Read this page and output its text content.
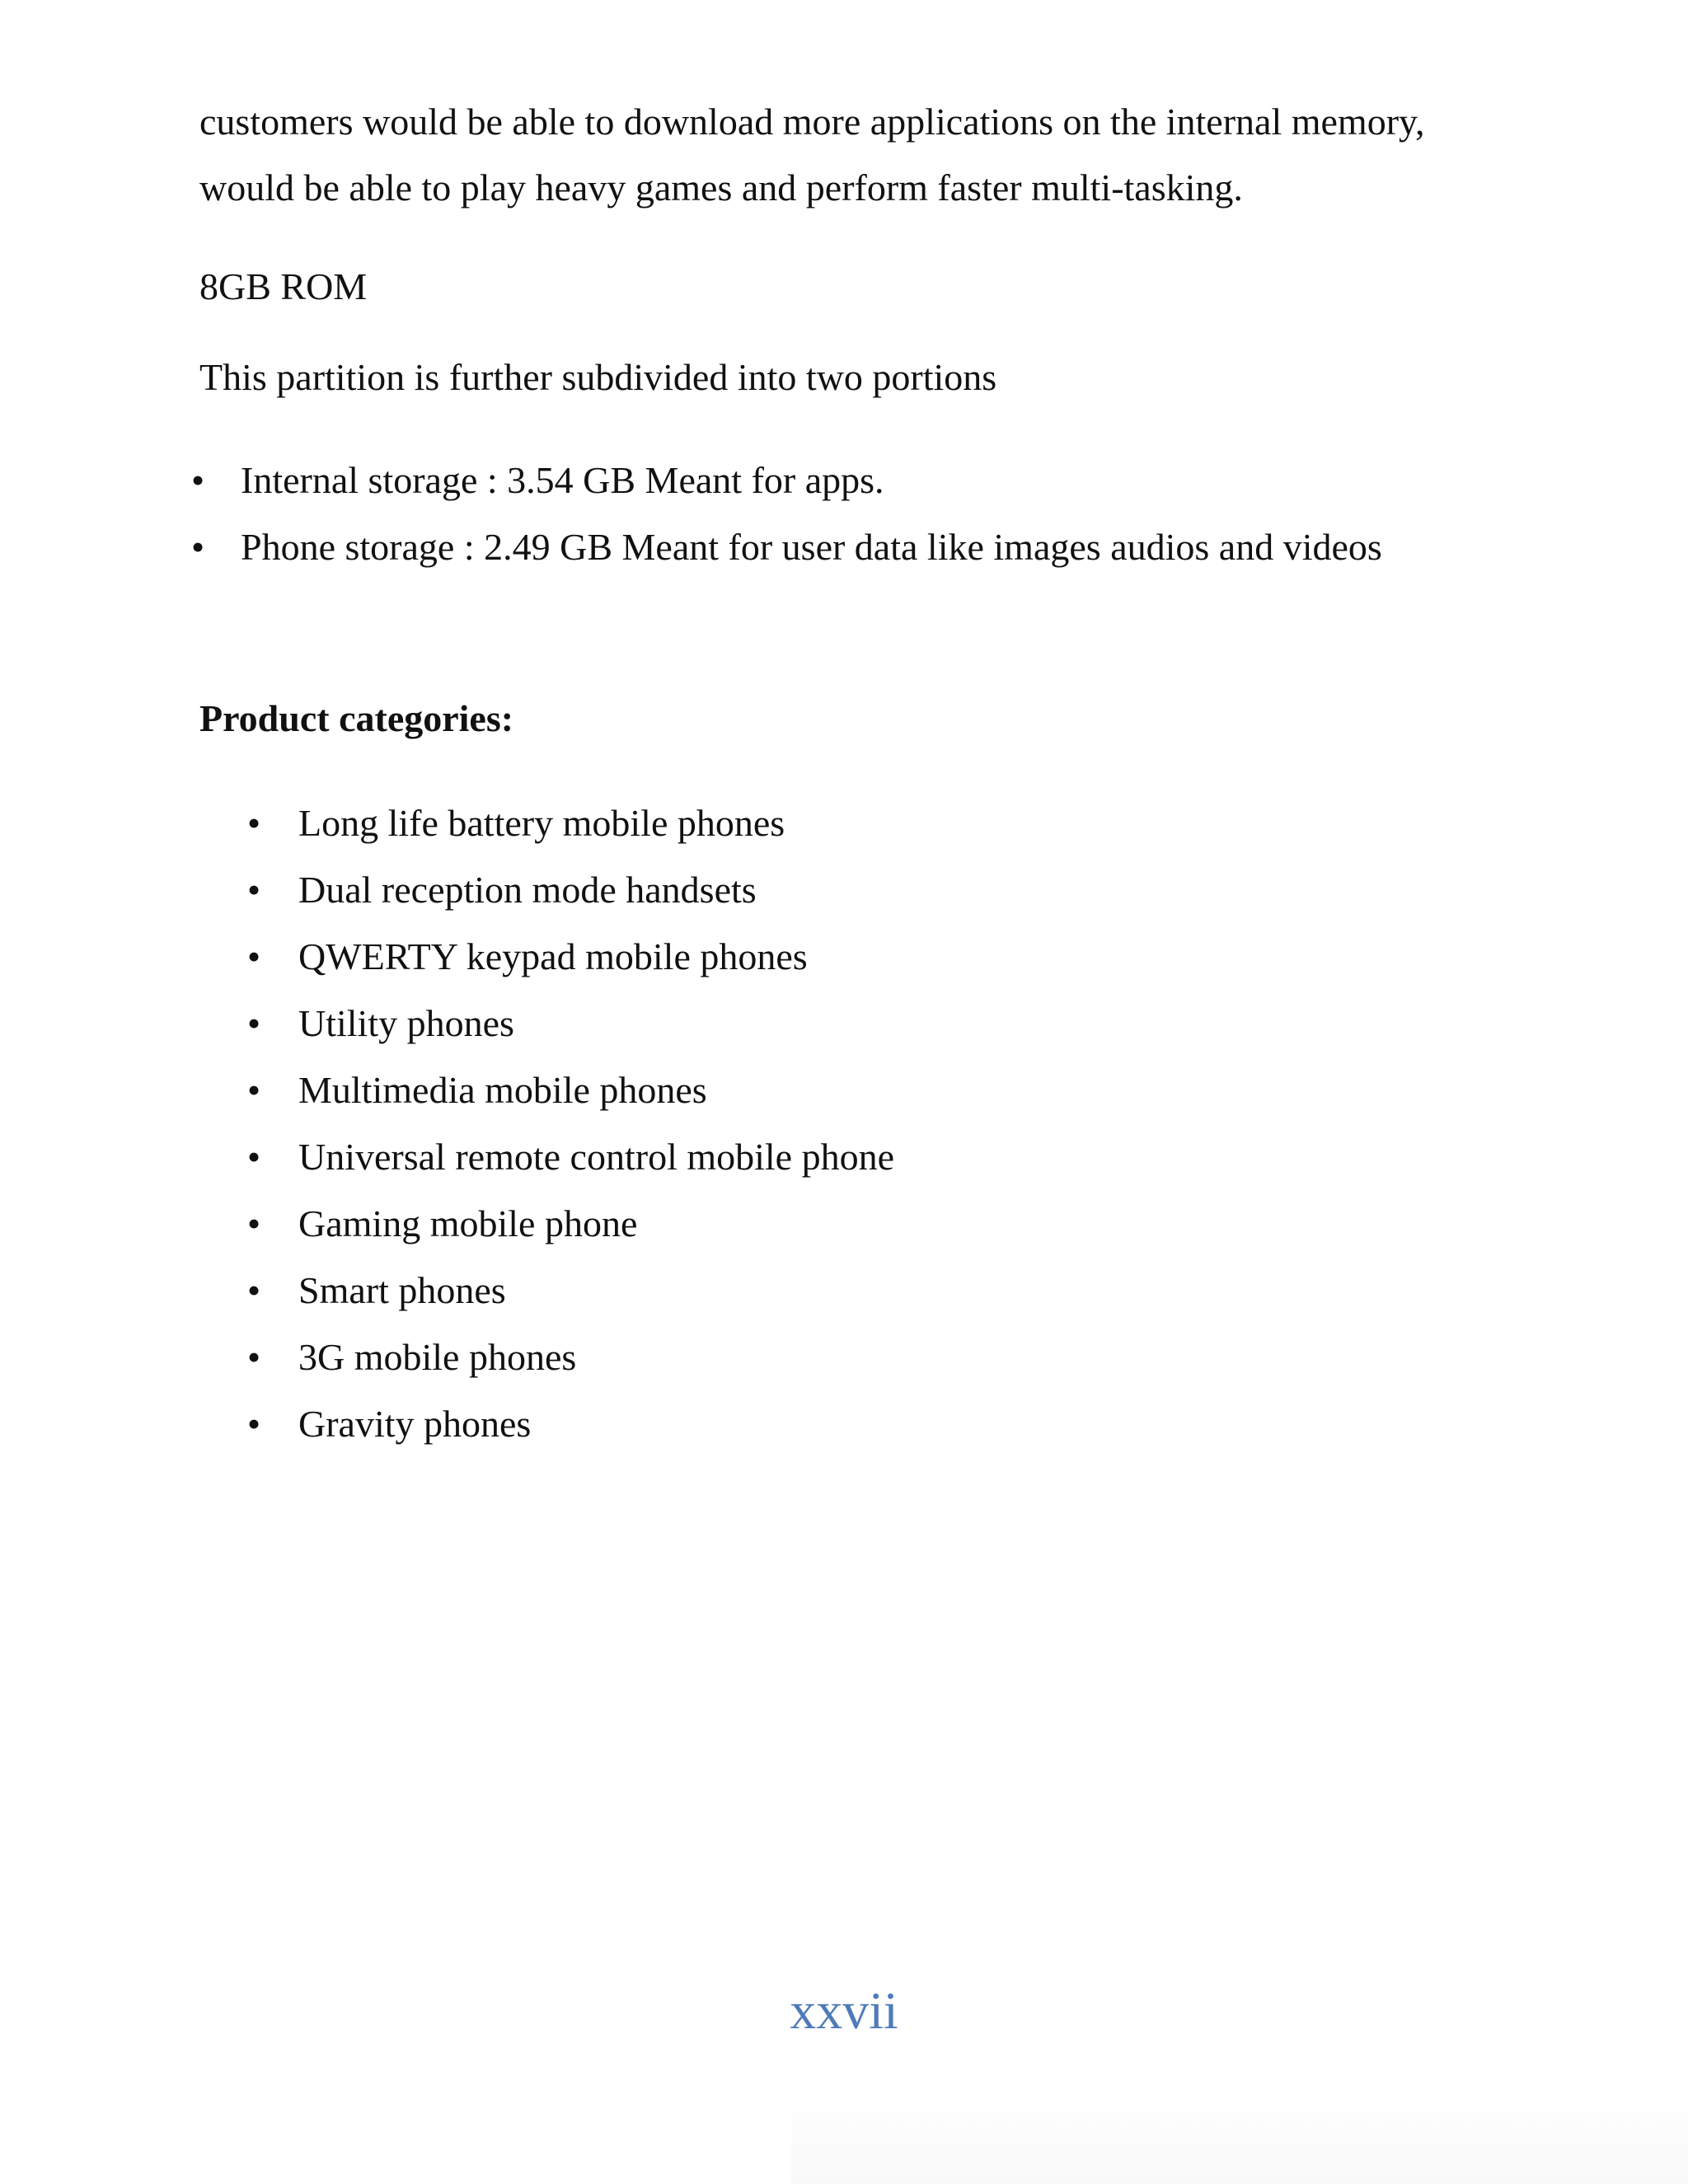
customers would be able to download more applications on the internal memory,

would be able to play heavy games and perform faster multi-tasking.

8GB ROM

This partition is further subdivided into two portions

• Internal storage : 3.54 GB Meant for apps.
• Phone storage : 2.49 GB Meant for user data like images audios and videos

Product categories:

• Long life battery mobile phones
• Dual reception mode handsets
• QWERTY keypad mobile phones
• Utility phones
• Multimedia mobile phones
• Universal remote control mobile phone
• Gaming mobile phone
• Smart phones
• 3G mobile phones
• Gravity phones
xxvii
